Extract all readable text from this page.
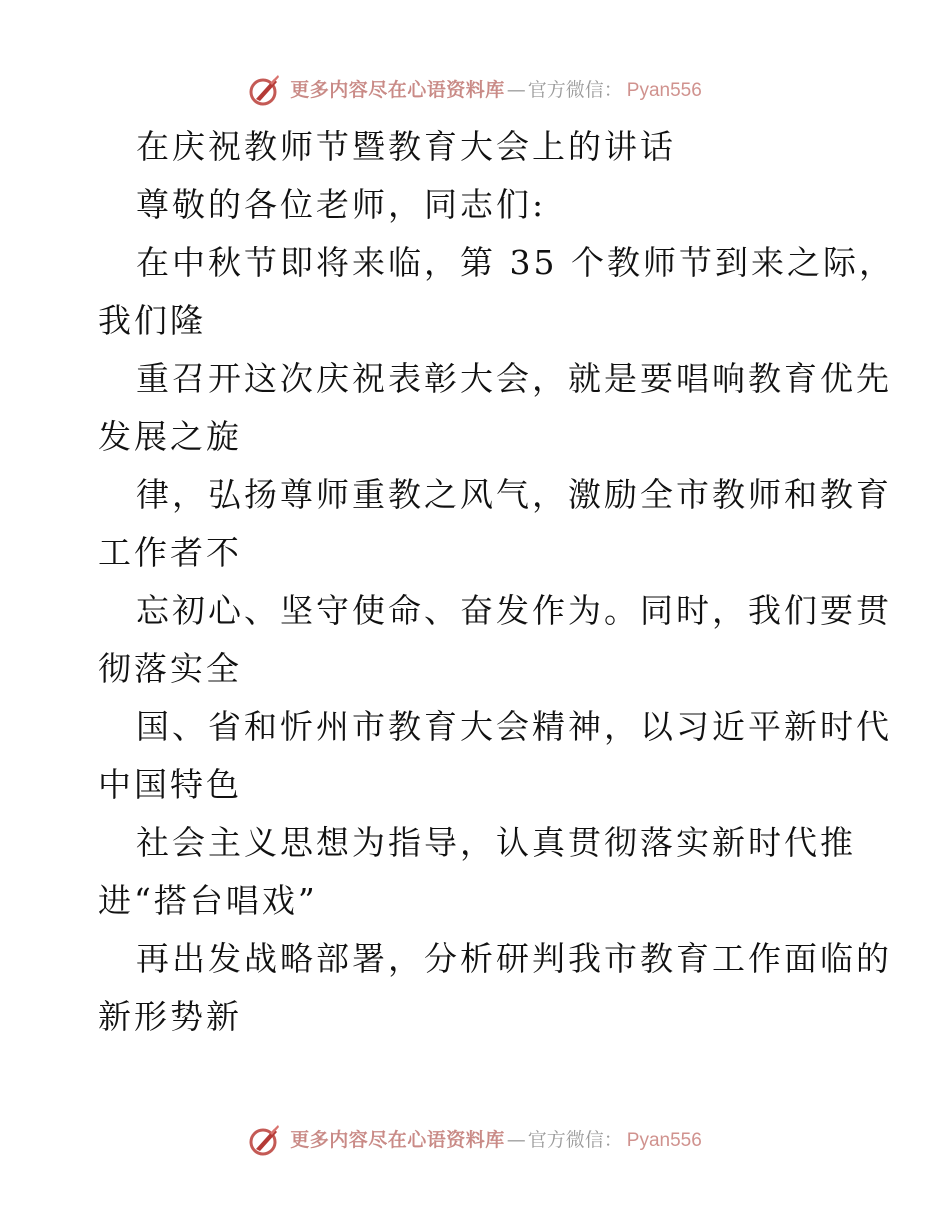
更多内容尽在心语资料库 — 官方微信 ： Pyan556
在庆祝教师节暨教育大会上的讲话
尊敬的各位老师，同志们:
在中秋节即将来临，第 35 个教师节到来之际，
我们隆
重召开这次庆祝表彰大会，就是要唱响教育优先
发展之旋
律，弘扬尊师重教之风气，激励全市教师和教育
工作者不
忘初心、坚守使命、奋发作为。同时，我们要贯
彻落实全
国、省和忻州市教育大会精神，以习近平新时代
中国特色
社会主义思想为指导，认真贯彻落实新时代推
进“搭台唱戏”
再出发战略部署，分析研判我市教育工作面临的
新形势新
更多内容尽在心语资料库 — 官方微信 ： Pyan556
